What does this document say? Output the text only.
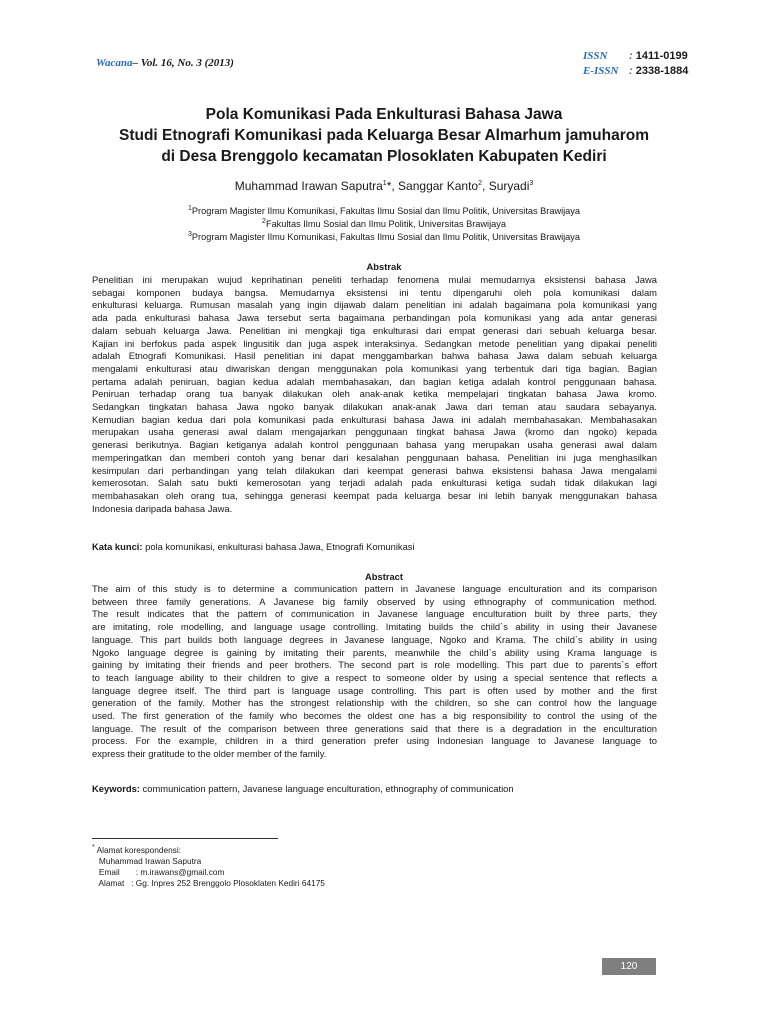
Wacana– Vol. 16, No. 3 (2013)
ISSN : 1411-0199
E-ISSN : 2338-1884
Pola Komunikasi Pada Enkulturasi Bahasa Jawa
Studi Etnografi Komunikasi pada Keluarga Besar Almarhum jamuharom
di Desa Brenggolo kecamatan Plosoklaten Kabupaten Kediri
Muhammad Irawan Saputra$^1$*, Sanggar Kanto$^2$, Suryadi$^3$
$^1$Program Magister Ilmu Komunikasi, Fakultas Ilmu Sosial dan Ilmu Politik, Universitas Brawijaya
$^2$Fakultas Ilmu Sosial dan Ilmu Politik, Universitas Brawijaya
$^3$Program Magister Ilmu Komunikasi, Fakultas Ilmu Sosial dan Ilmu Politik, Universitas Brawijaya
Abstrak
Penelitian ini merupakan wujud keprihatinan peneliti terhadap fenomena mulai memudarnya eksistensi bahasa Jawa
sebagai komponen budaya bangsa. Memudarnya eksistensi ini tentu dipengaruhi oleh pola komunikasi dalam
enkulturasi keluarga. Rumusan masalah yang ingin dijawab dalam penelitian ini adalah bagaimana pola komunikasi yang
ada pada enkulturasi bahasa Jawa tersebut serta bagaimana perbandingan pola komunikasi yang ada antar generasi
dalam sebuah keluarga Jawa. Penelitian ini mengkaji tiga enkulturasi dari empat generasi dari sebuah keluarga besar.
Kajian ini berfokus pada aspek lingusitik dan juga aspek interaksinya. Sedangkan metode penelitian yang dipakai peneliti
adalah Etnografi Komunikasi. Hasil penelitian ini dapat menggambarkan bahwa bahasa Jawa dalam sebuah keluarga
mengalami enkulturasi atau diwariskan dengan menggunakan pola komunikasi yang terbentuk dari tiga bagian. Bagian
pertama adalah peniruan, bagian kedua adalah membahasakan, dan bagian ketiga adalah kontrol penggunaan bahasa.
Peniruan terhadap orang tua banyak dilakukan oleh anak-anak ketika mempelajari tingkatan bahasa Jawa kromo.
Sedangkan tingkatan bahasa Jawa ngoko banyak dilakukan anak-anak Jawa dari teman atau saudara sebayanya.
Kemudian bagian kedua dari pola komunikasi pada enkulturasi bahasa Jawa ini adalah membahasakan. Membahasakan
merupakan usaha generasi awal dalam mengajarkan penggunaan tingkat bahasa Jawa (kromo dan ngoko) kepada
generasi berikutnya. Bagian ketiganya adalah kontrol penggunaan bahasa yang merupakan usaha generasi awal dalam
memperingatkan dan memberi contoh yang benar dari kesalahan penggunaan bahasa. Penelitian ini juga menghasilkan
kesimpulan dari perbandingan yang telah dilakukan dari keempat generasi bahwa eksistensi bahasa Jawa mengalami
kemerosotan. Salah satu bukti kemerosotan yang terjadi adalah pada enkulturasi ketiga sudah tidak dilakukan lagi
membahasakan oleh orang tua, sehingga generasi keempat pada keluarga besar ini lebih banyak menggunakan bahasa
Indonesia daripada bahasa Jawa.
Kata kunci: pola komunikasi, enkulturasi bahasa Jawa, Etnografi Komunikasi
Abstract
The aim of this study is to determine a communication pattern in Javanese language enculturation and its comparison
between three family generations. A Javanese big family observed by using ethnography of communication method.
The result indicates that the pattern of communication in Javanese language enculturation built by three parts, they
are imitating, role modelling, and language usage controlling. Imitating builds the child`s ability in using their Javanese
language. This part builds both language degrees in Javanese language, Ngoko and Krama. The child`s ability in using
Ngoko language degree is gaining by imitating their parents, meanwhile the child`s ability using Krama language is
gaining by imitating their friends and peer brothers. The second part is role modelling. This part due to parents`s effort
to teach language ability to their children to give a respect to someone older by using a special sentence that reflects a
language degree itself. The third part is language usage controlling. This part is often used by mother and the first
generation of the family. Mother has the strongest relationship with the children, so she can control how the language
used. The first generation of the family who becomes the oldest one has a big responsibility to control the using of the
language. The result of the comparison between three generations said that there is a degradation in the enculturation
process. For the example, children in a third generation prefer using Indonesian language to Javanese language to
express their gratitude to the older member of the family.
Keywords: communication pattern, Javanese language enculturation, ethnography of communication
* Alamat korespondensi:
Muhammad Irawan Saputra
Email       : m.irawans@gmail.com
Alamat   : Gg. Inpres 252 Brenggolo Plosoklaten Kediri 64175
120
